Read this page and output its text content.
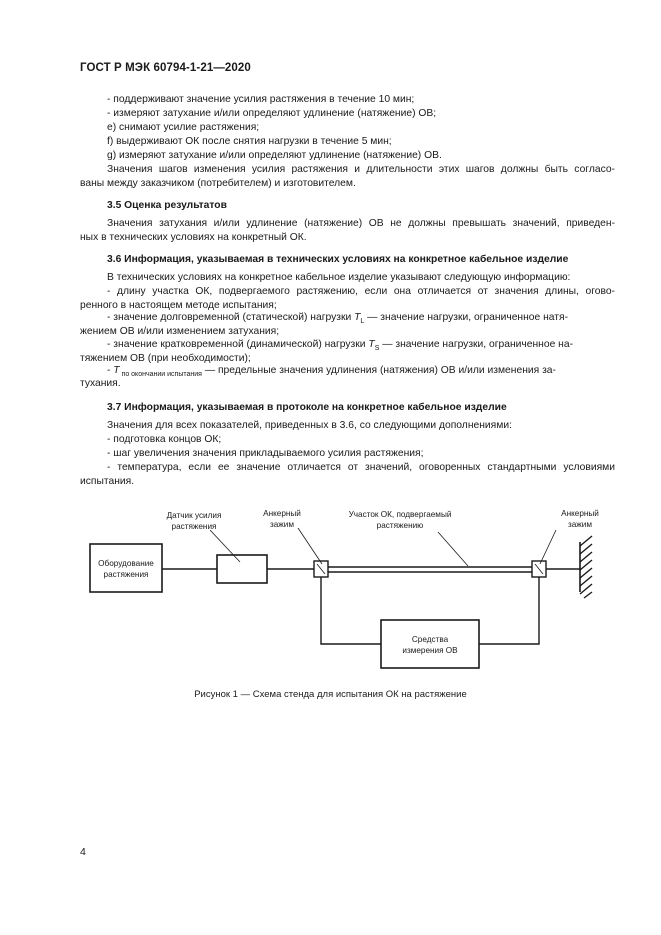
ГОСТ Р МЭК 60794-1-21—2020
- поддерживают значение усилия растяжения в течение 10 мин;
- измеряют затухание и/или определяют удлинение (натяжение) ОВ;
e) снимают усилие растяжения;
f) выдерживают ОК после снятия нагрузки в течение 5 мин;
g) измеряют затухание и/или определяют удлинение (натяжение) ОВ.
Значения шагов изменения усилия растяжения и длительности этих шагов должны быть согласо-
ваны между заказчиком (потребителем) и изготовителем.
3.5 Оценка результатов
Значения затухания и/или удлинение (натяжение) ОВ не должны превышать значений, приведен-
ных в технических условиях на конкретный ОК.
3.6 Информация, указываемая в технических условиях на конкретное кабельное изделие
В технических условиях на конкретное кабельное изделие указывают следующую информацию:
- длину участка ОК, подвергаемого растяжению, если она отличается от значения длины, огово-
ренного в настоящем методе испытания;
- значение долговременной (статической) нагрузки $T_L$ — значение нагрузки, ограниченное натя-
жением ОВ и/или изменением затухания;
- значение кратковременной (динамической) нагрузки $T_S$ — значение нагрузки, ограниченное на-
тяжением ОВ (при необходимости);
- T $_{по окончании испытания}$ — предельные значения удлинения (натяжения) ОВ и/или изменения за-
тухания.
3.7 Информация, указываемая в протоколе на конкретное кабельное изделие
Значения для всех показателей, приведенных в 3.6, со следующими дополнениями:
- подготовка концов ОК;
- шаг увеличения значения прикладываемого усилия растяжения;
- температура, если ее значение отличается от значений, оговоренных стандартными условиями
испытания.
Оборудование
растяжения
Датчик усилия
растяжения
Анкерный
зажим
Участок ОК, подвергаемый
растяжению
Анкерный
зажим
Средства
измерения ОВ
Рисунок 1 — Схема стенда для испытания ОК на растяжение
4
